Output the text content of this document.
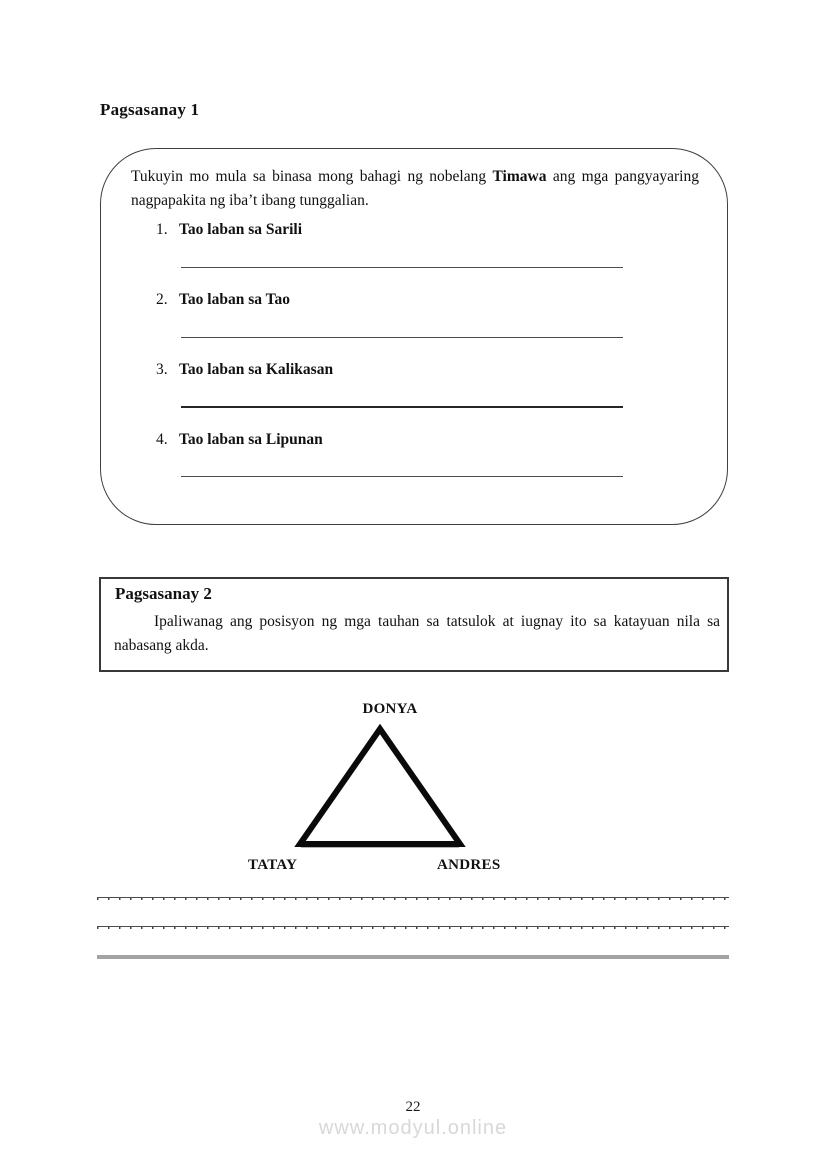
Pagsasanay 1

Tukuyin mo mula sa binasa mong bahagi ng nobelang Timawa ang mga pangyayaring nagpapakita ng iba’t ibang tunggalian.

1. Tao laban sa Sarili
2. Tao laban sa Tao
3. Tao laban sa Kalikasan
4. Tao laban sa Lipunan
Pagsasanay 2

Ipaliwanag ang posisyon ng mga tauhan sa tatsulok at iugnay ito sa katayuan nila sa nabasang akda.

DONYA
TATAY	ANDRES
22
www.modyul.online
